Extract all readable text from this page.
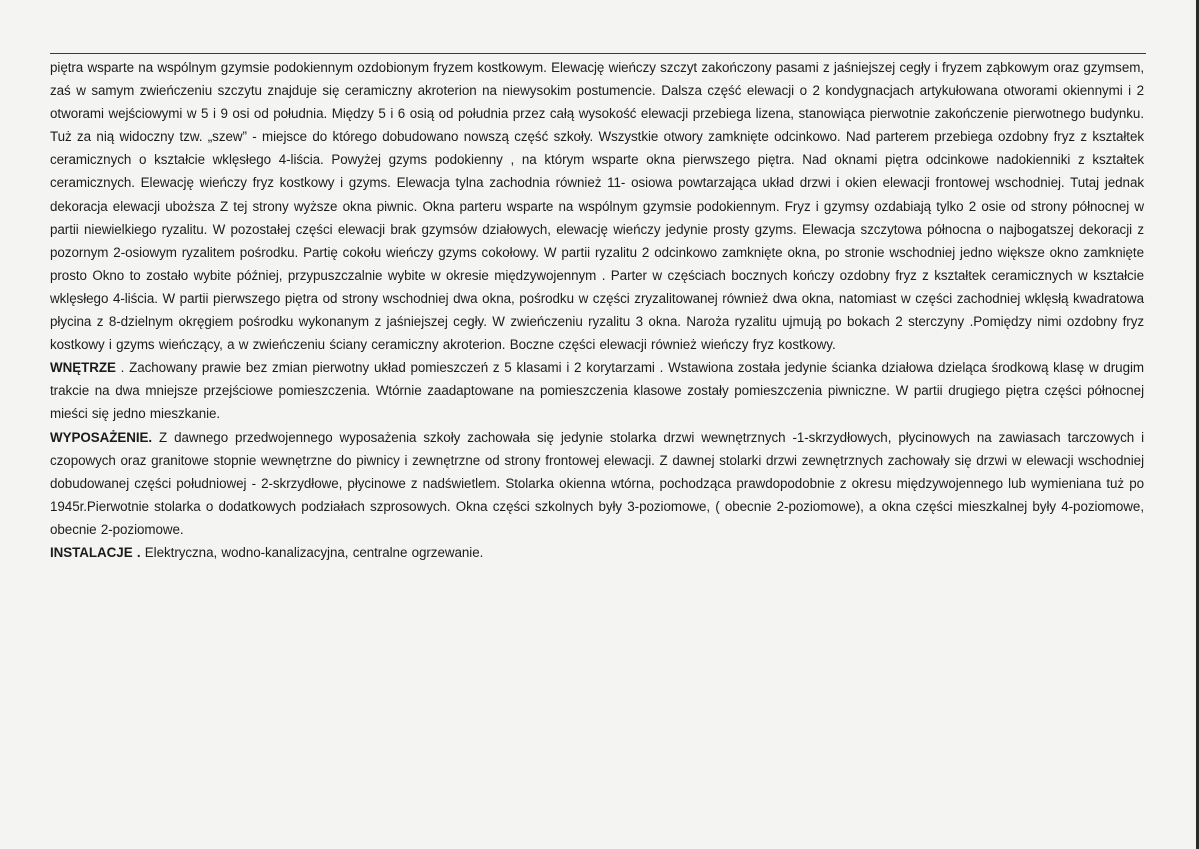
piętra wsparte na wspólnym gzymsie podokiennym ozdobionym fryzem kostkowym. Elewację wieńczy szczyt zakończony pasami z jaśniejszej cegły i fryzem ząbkowym oraz gzymsem, zaś w samym zwieńczeniu szczytu znajduje się ceramiczny akroterion na niewysokim postumencie. Dalsza część elewacji o 2 kondygnacjach artykułowana otworami okiennymi i 2 otworami wejściowymi w 5 i 9 osi od południa. Między 5 i 6 osią od południa przez całą wysokość elewacji przebiega lizena, stanowiąca pierwotnie zakończenie pierwotnego budynku. Tuż za nią widoczny tzw. „szew” - miejsce do którego dobudowano nowszą część szkoły. Wszystkie otwory zamknięte odcinkowo. Nad parterem przebiega ozdobny fryz z kształtek ceramicznych o kształcie wklęsłego 4-liścia. Powyżej gzyms podokienny , na którym wsparte okna pierwszego piętra. Nad oknami piętra odcinkowe nadokienniki z kształtek ceramicznych. Elewację wieńczy fryz kostkowy i gzyms. Elewacja tylna zachodnia również 11- osiowa powtarzająca układ drzwi i okien elewacji frontowej wschodniej. Tutaj jednak dekoracja elewacji uboższa Z tej strony wyższe okna piwnic. Okna parteru wsparte na wspólnym gzymsie podokiennym. Fryz i gzymsy ozdabiają tylko 2 osie od strony północnej w partii niewielkiego ryzalitu. W pozostałej części elewacji brak gzymsów działowych, elewację wieńczy jedynie prosty gzyms. Elewacja szczytowa północna o najbogatszej dekoracji z pozornym 2-osiowym ryzalitem pośrodku. Partię cokołu wieńczy gzyms cokołowy. W partii ryzalitu 2 odcinkowo zamknięte okna, po stronie wschodniej jedno większe okno zamknięte prosto Okno to zostało wybite później, przypuszczalnie wybite w okresie międzywojennym . Parter w częściach bocznych kończy ozdobny fryz z kształtek ceramicznych w kształcie wklęsłego 4-liścia. W partii pierwszego piętra od strony wschodniej dwa okna, pośrodku w części zryzalitowanej również dwa okna, natomiast w części zachodniej wklęsłą kwadratowa płycina z 8-dzielnym okręgiem pośrodku wykonanym z jaśniejszej cegły. W zwieńczeniu ryzalitu 3 okna. Naroża ryzalitu ujmują po bokach 2 sterczyny .Pomiędzy nimi ozdobny fryz kostkowy i gzyms wieńczący, a w zwieńczeniu ściany ceramiczny akroterion. Boczne części elewacji również wieńczy fryz kostkowy.

WNĘTRZE . Zachowany prawie bez zmian pierwotny układ pomieszczeń z 5 klasami i 2 korytarzami . Wstawiona została jedynie ścianka działowa dzieląca środkową klasę w drugim trakcie na dwa mniejsze przejściowe pomieszczenia. Wtórnie zaadaptowane na pomieszczenia klasowe zostały pomieszczenia piwniczne. W partii drugiego piętra części północnej mieści się jedno mieszkanie.

WYPOSAŻENIE. Z dawnego przedwojennego wyposażenia szkoły zachowała się jedynie stolarka drzwi wewnętrznych -1-skrzydłowych, płycinowych na zawiasach tarczowych i czopowych oraz granitowe stopnie wewnętrzne do piwnicy i zewnętrzne od strony frontowej elewacji. Z dawnej stolarki drzwi zewnętrznych zachowały się drzwi w elewacji wschodniej dobudowanej części południowej - 2-skrzydłowe, płycinowe z nadświetlem. Stolarka okienna wtórna, pochodząca prawdopodobnie z okresu międzywojennego lub wymieniana tuż po 1945r.Pierwotnie stolarka o dodatkowych podziałach szprosowych. Okna części szkolnych były 3-poziomowe, ( obecnie 2-poziomowe), a okna części mieszkalnej były 4-poziomowe, obecnie 2-poziomowe.

INSTALACJE . Elektryczna, wodno-kanalizacyjna, centralne ogrzewanie.
